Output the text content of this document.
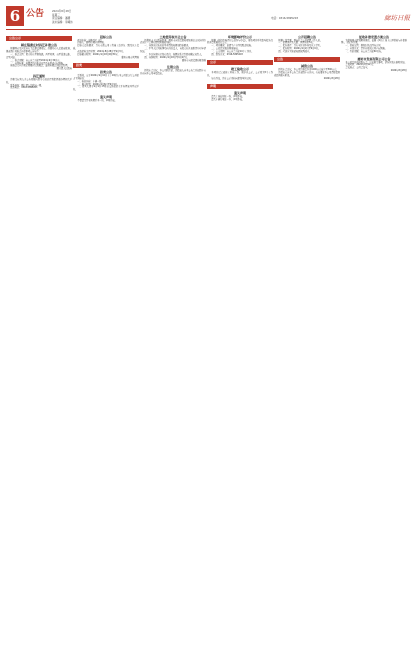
6 公告	2024年8月28日
星期三
责任编辑：潘卿
美术编辑：李曦伟
电话：0316-5895203	廊坊日报
公告公示
顾庄镇黄庄村拆迁补偿公告
根据国家及河北省有关法律法规规定，经廊坊市人民政府批准，现就黄庄村拆迁补偿事项公告如下：
一、拆迁范围：黄庄村东至规划路，西至村界，南至高速公路，北至河道。
二、拆迁期限：自公告之日起至2024年9月30日止。
三、补偿标准：按照评估价格予以货币补偿或产权调换。
被拆迁人应在规定期限内完成搬迁，逾期未搬迁的依法处理。
顾庄镇人民政府
拆迁通知
请相关权利人于公告期限内携带有效证件到指挥部办理相关手续。
联系地址：顾庄镇人民政府一楼。
联系电话：0316-5895203
招标公告
项目名称：道路改造工程。
招标人：廊坊市城市管理局。
投标人资格要求：具有市政公用工程施工总承包三级及以上资质。
获取招标文件时间：2024年8月28日至9月3日。
投标截止时间：2024年9月18日9时30分。
廊坊市城市管理局
拍卖
拍卖公告
受委托，定于2024年9月10日上午10时在本公司拍卖厅公开拍卖下列标的：
一、标的名称：车辆一批。
二、展示时间：2024年9月6日至9月9日。
三、竞买人须于9月9日17时前交纳保证金并办理竞买登记手续。
遗失声明
不慎遗失营业执照正本一份，声明作废。
土地使用权出让公告
经廊坊市人民政府批准，廊坊市自然资源和规划局决定以挂牌方式出让一宗国有建设用地使用权。
一、挂牌出让地块的基本情况和规划指标要求。
二、中华人民共和国境内外的法人、自然人和其他组织均可申请参加。
三、本次挂牌出让设有底价，按照价高者得原则确定竞得人。
四、挂牌时间：2024年9月18日至9月27日。
廊坊市自然资源和规划局
注销公告
经股东会决议，本公司拟注销，请债权人自本公告之日起四十五日内向本公司申报债权。
环境影响评价公示
根据《环境影响评价公众参与办法》，现将项目环境影响报告书征求意见稿进行公示。
一、项目概况：新建生产车间及配套设施。
二、公众意见表的网络链接。
三、公示期间：自公告之日起10个工作日。
四、联系方式：0316-5895203
公示
竣工验收公示
本项目已完成竣工验收工作，现予以公示，公示期为5个工作日。
如有异议，请在公示期内向建设单位反映。
声明
遗失声明
遗失土地使用证一份，声明作废。
遗失车辆行驶证一本，声明作废。
公开招聘公告
根据工作需要，面向社会公开招聘工作人员。
一、招聘岗位及人数：管理岗位5名。
二、报名条件：具有全日制本科及以上学历。
三、报名时间：2024年9月2日至9月6日。
四、考试分为笔试和面试两部分。
公告
减资公告
经股东会决议，本公司注册资本由1000万元减少至500万元。
请债权人自本公告之日起四十五日内，有权要求本公司清偿债务或提供相应担保。
2024年8月28日
征收补偿安置方案公告
为保障城市建设顺利推进，依据《国有土地上房屋征收与补偿条例》，制定本方案。
一、征收范围：规划红线范围内房屋。
二、补偿方式：货币补偿或房屋产权调换。
三、签约期限：自公告之日起60日内。
廊坊市发展有限公司公告
本公司召开临时股东会，审议相关事项，请各位股东准时参加。
会议时间：2024年9月12日。
会议地点：公司会议室。
2024年8月28日
